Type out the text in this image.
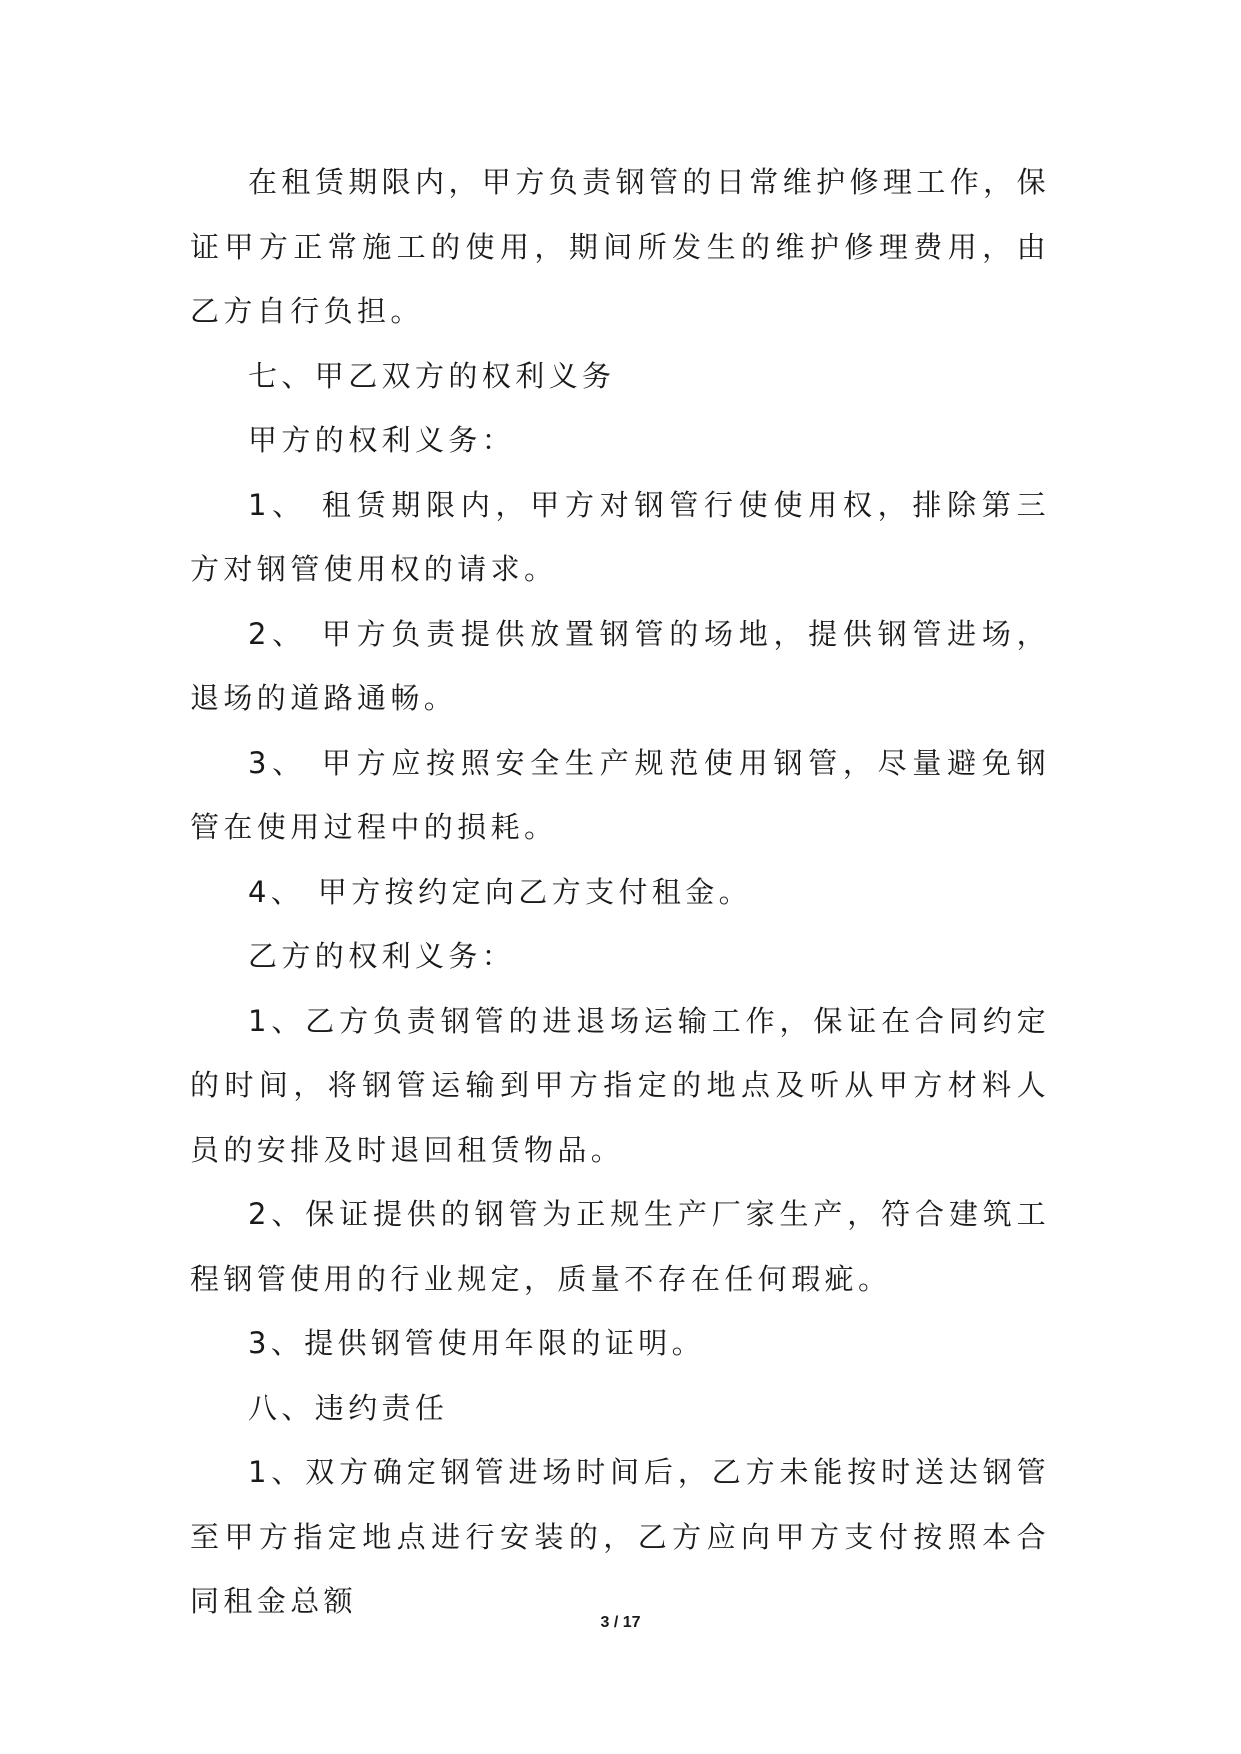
在租赁期限内，甲方负责钢管的日常维护修理工作，保证甲方正常施工的使用，期间所发生的维护修理费用，由乙方自行负担。

七、甲乙双方的权利义务

甲方的权利义务：

1、 租赁期限内，甲方对钢管行使使用权，排除第三方对钢管使用权的请求。

2、 甲方负责提供放置钢管的场地，提供钢管进场，退场的道路通畅。

3、 甲方应按照安全生产规范使用钢管，尽量避免钢管在使用过程中的损耗。

4、 甲方按约定向乙方支付租金。

乙方的权利义务：

1、乙方负责钢管的进退场运输工作，保证在合同约定的时间，将钢管运输到甲方指定的地点及听从甲方材料人员的安排及时退回租赁物品。

2、保证提供的钢管为正规生产厂家生产，符合建筑工程钢管使用的行业规定，质量不存在任何瑕疵。

3、提供钢管使用年限的证明。

八、违约责任

1、双方确定钢管进场时间后，乙方未能按时送达钢管至甲方指定地点进行安装的，乙方应向甲方支付按照本合同租金总额

3 / 17
